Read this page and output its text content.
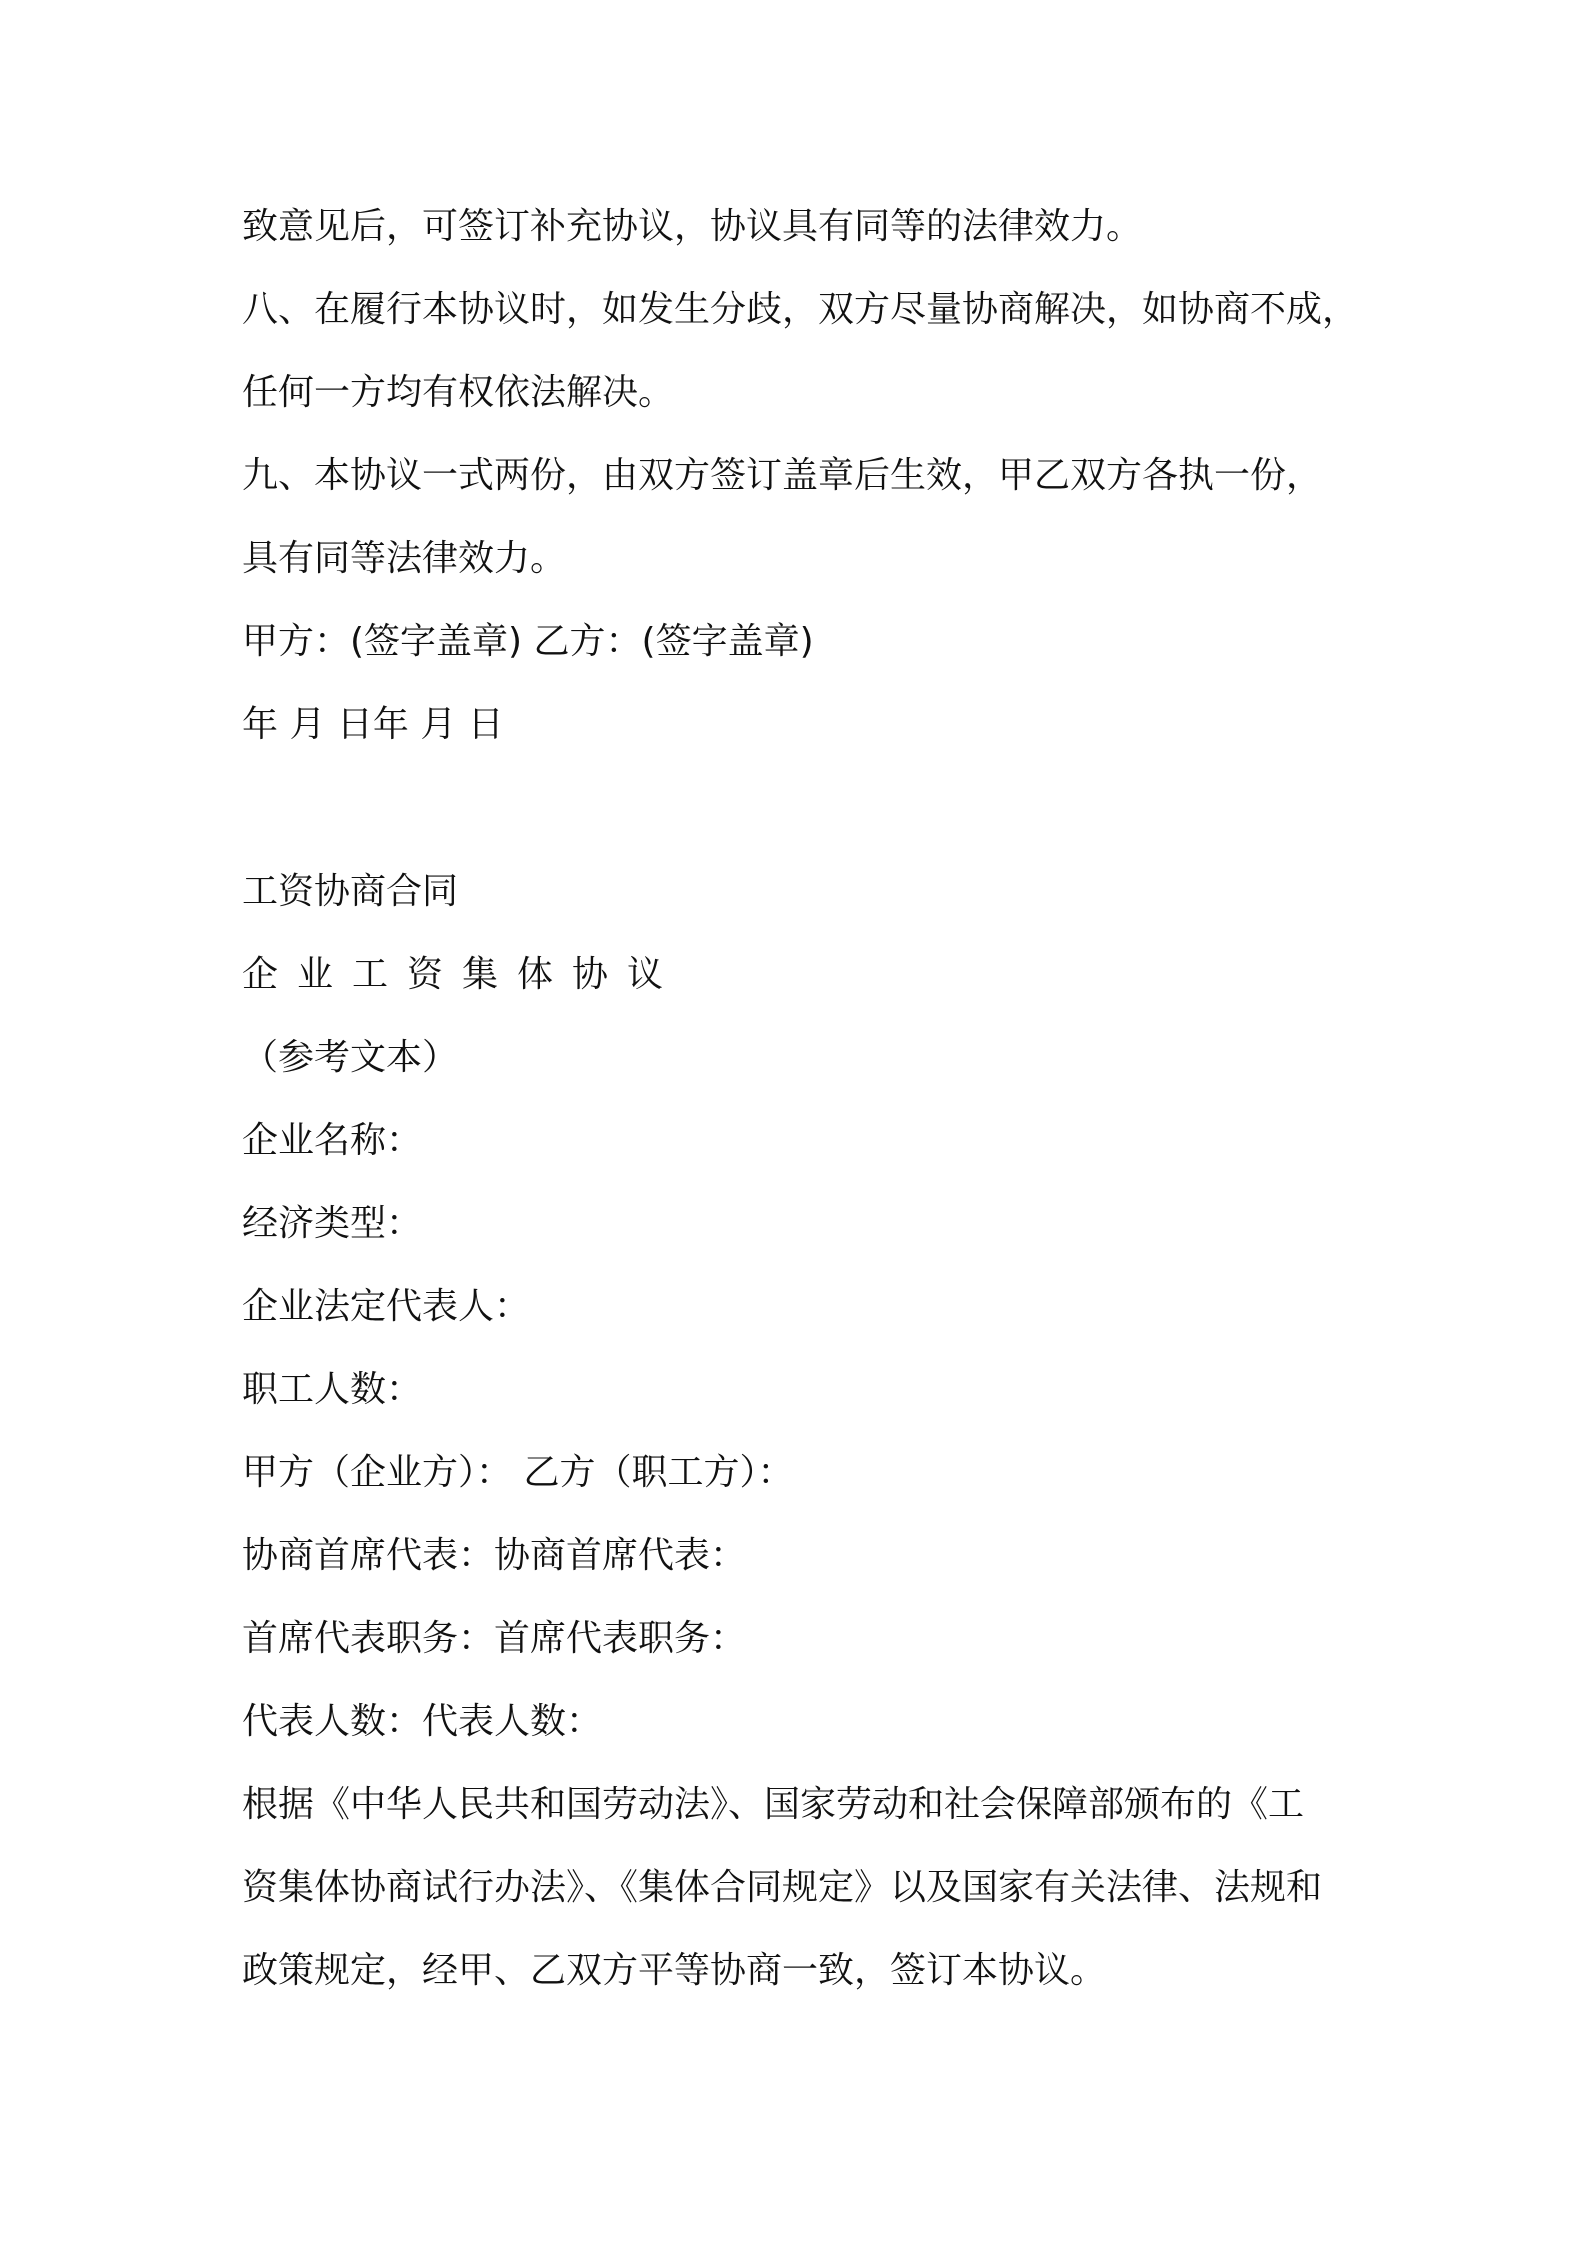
致意见后，可签订补充协议，协议具有同等的法律效力。
八、在履行本协议时，如发生分歧，双方尽量协商解决，如协商不成，
任何一方均有权依法解决。
九、本协议一式两份，由双方签订盖章后生效，甲乙双方各执一份，
具有同等法律效力。
甲方：(签字盖章) 乙方：(签字盖章)
年 月 日年 月 日
工资协商合同
企业工资集体协议
（参考文本）
企业名称：
经济类型：
企业法定代表人：
职工人数：
甲方（企业方）： 乙方（职工方）：
协商首席代表：协商首席代表：
首席代表职务：首席代表职务：
代表人数：代表人数：
根据《中华人民共和国劳动法》、国家劳动和社会保障部颁布的《工
资集体协商试行办法》、《集体合同规定》以及国家有关法律、法规和
政策规定，经甲、乙双方平等协商一致，签订本协议。
